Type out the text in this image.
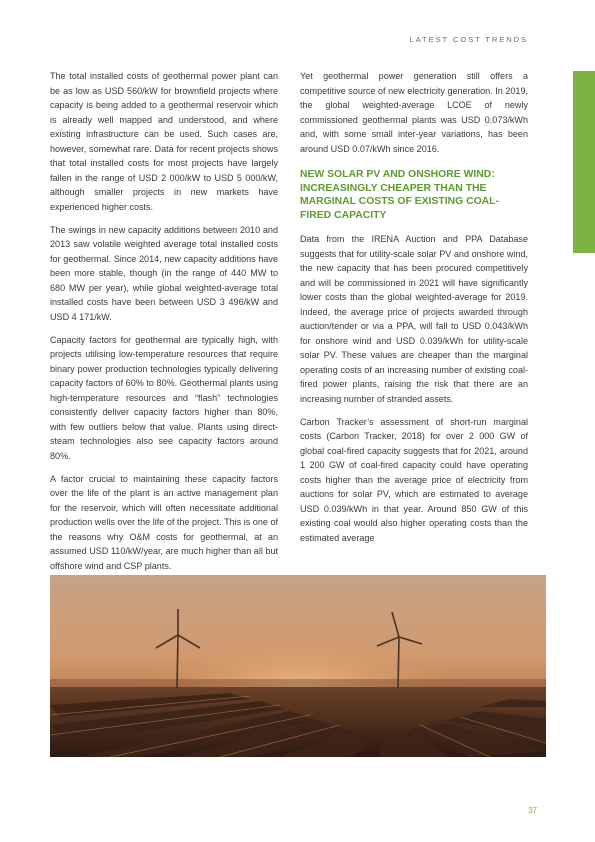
LATEST COST TRENDS

The total installed costs of geothermal power plant can be as low as USD 560/kW for brownfield projects where capacity is being added to a geothermal reservoir which is already well mapped and understood, and where existing infrastructure can be used. Such cases are, however, somewhat rare. Data for recent projects shows that total installed costs for most projects have largely fallen in the range of USD 2 000/kW to USD 5 000/kW, although smaller projects in new markets have experienced higher costs.

The swings in new capacity additions between 2010 and 2013 saw volatile weighted average total installed costs for geothermal. Since 2014, new capacity additions have been more stable, though (in the range of 440 MW to 680 MW per year), while global weighted-average total installed costs have been between USD 3 496/kW and USD 4 171/kW.

Capacity factors for geothermal are typically high, with projects utilising low-temperature resources that require binary power production technologies typically delivering capacity factors of 60% to 80%. Geothermal plants using high-temperature resources and “flash” technologies consistently deliver capacity factors higher than 80%, with few outliers below that value. Plants using direct-steam technologies also see capacity factors around 80%.

A factor crucial to maintaining these capacity factors over the life of the plant is an active management plan for the reservoir, which will often necessitate additional production wells over the life of the project. This is one of the reasons why O&M costs for geothermal, at an assumed USD 110/kW/year, are much higher than all but offshore wind and CSP plants.

Yet geothermal power generation still offers a competitive source of new electricity generation. In 2019, the global weighted-average LCOE of newly commissioned geothermal plants was USD 0.073/kWh and, with some small inter-year variations, has been around USD 0.07/kWh since 2016.

NEW SOLAR PV AND ONSHORE WIND: INCREASINGLY CHEAPER THAN THE MARGINAL COSTS OF EXISTING COAL-FIRED CAPACITY

Data from the IRENA Auction and PPA Database suggests that for utility-scale solar PV and onshore wind, the new capacity that has been procured competitively and will be commissioned in 2021 will have significantly lower costs than the global weighted-average for 2019. Indeed, the average price of projects awarded through auction/tender or via a PPA, will fall to USD 0.043/kWh for onshore wind and USD 0.039/kWh for utility-scale solar PV. These values are cheaper than the marginal operating costs of an increasing number of existing coal-fired power plants, raising the risk that there are an increasing number of stranded assets.

Carbon Tracker’s assessment of short-run marginal costs (Carbon Tracker, 2018) for over 2 000 GW of global coal-fired capacity suggests that for 2021, around 1 200 GW of coal-fired capacity could have operating costs higher than the average price of electricity from auctions for solar PV, which are estimated to average USD 0.039/kWh in that year. Around 850 GW of this existing coal would also higher operating costs than the estimated average

37
